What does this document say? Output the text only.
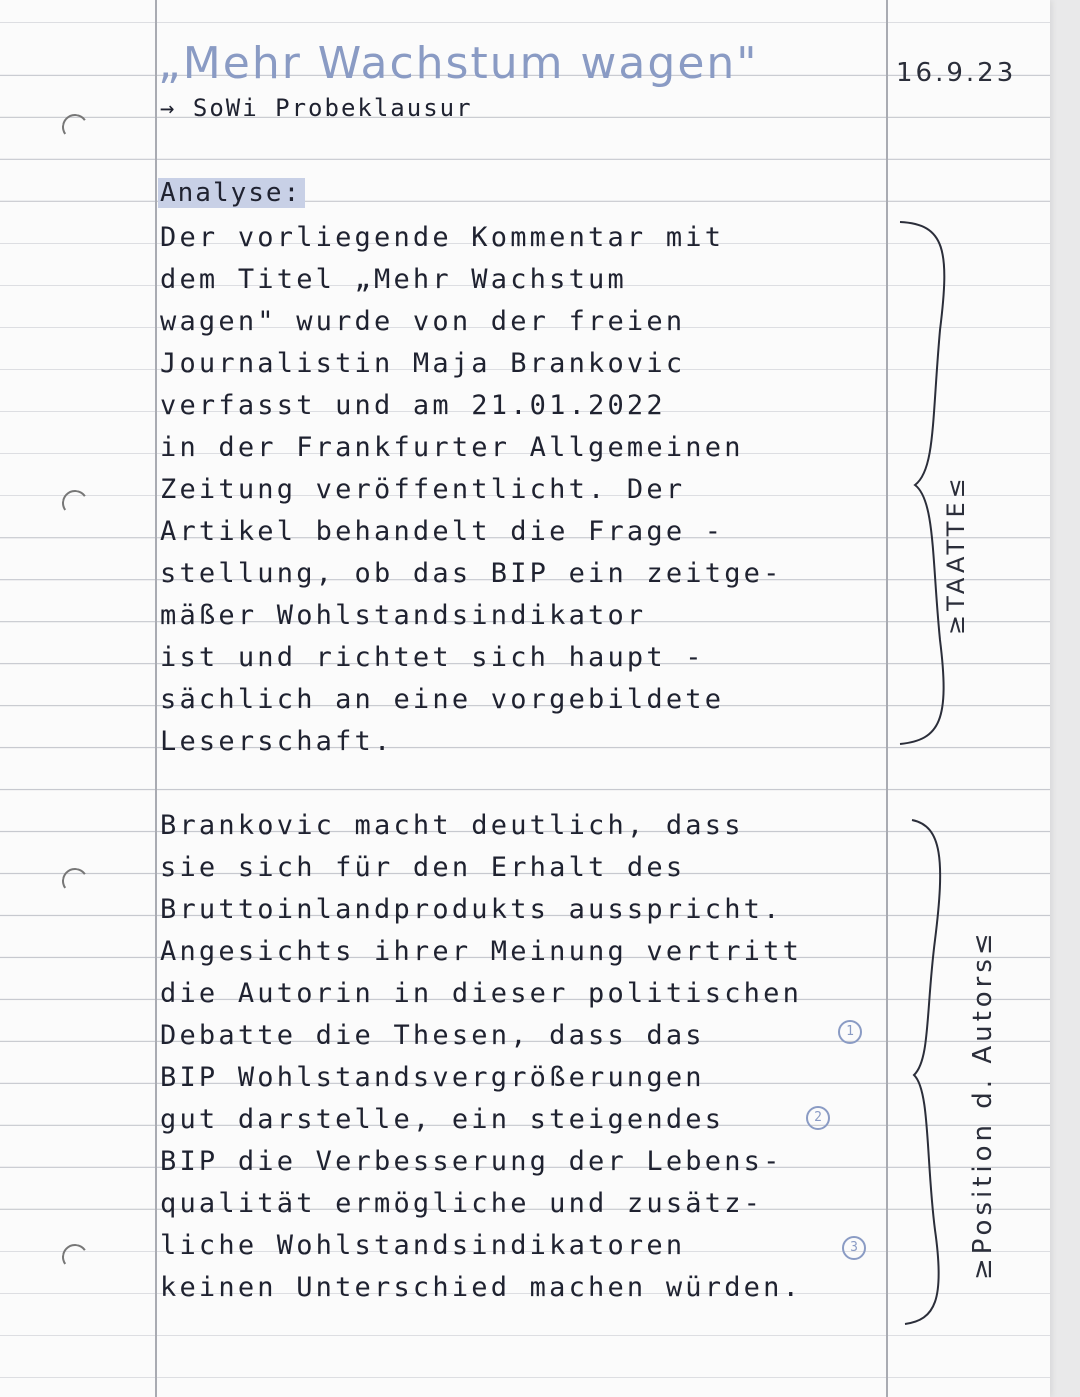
„Mehr Wachstum wagen"	16.9.23
→ SoWi Probeklausur
Analyse:
Der vorliegende Kommentar mit
dem Titel „Mehr Wachstum
wagen" wurde von der freien
Journalistin Maja Brankovic
verfasst und am 21.01.2022
in der Frankfurter Allgemeinen
Zeitung veröffentlicht. Der
Artikel behandelt die Frage -
stellung, ob das BIP ein zeitge-
mäßer Wohlstandsindikator
ist und richtet sich haupt -
sächlich an eine vorgebildete
Leserschaft.
Brankovic macht deutlich, dass
sie sich für den Erhalt des
Bruttoinlandprodukts ausspricht.
Angesichts ihrer Meinung vertritt
die Autorin in dieser politischen
Debatte die Thesen, dass das
BIP Wohlstandsvergrößerungen
gut darstelle, ein steigendes
BIP die Verbesserung der Lebens-
qualität ermögliche und zusätz-
liche Wohlstandsindikatoren
keinen Unterschied machen würden.
1
2
3
≥TAATTE≤
≥Position d. Autors≤
